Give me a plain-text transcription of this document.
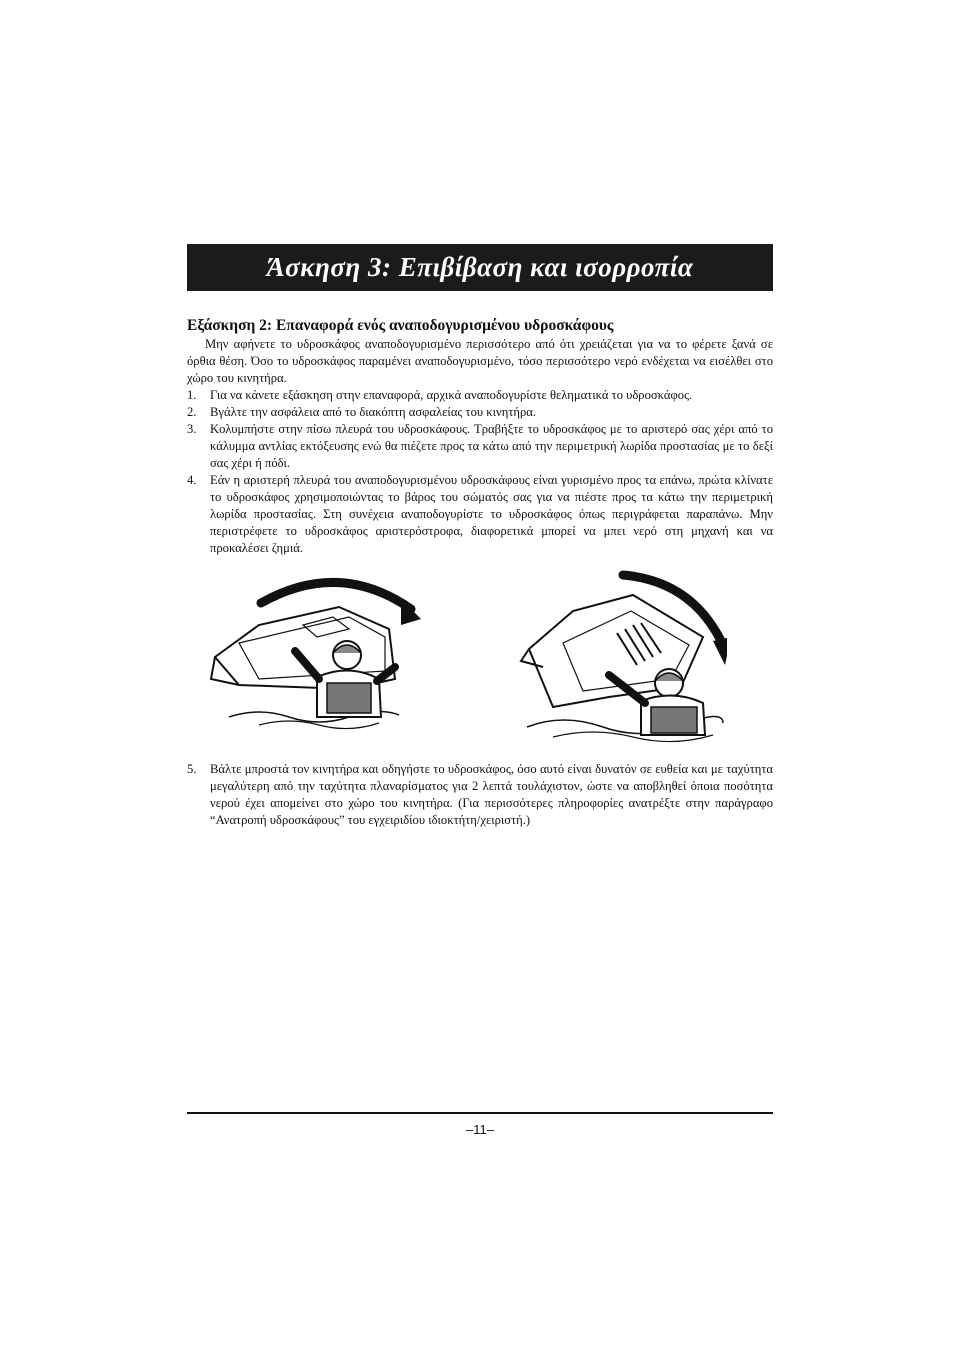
Άσκηση 3: Επιβίβαση και ισορροπία
Εξάσκηση 2: Επαναφορά ενός αναποδογυρισμένου υδροσκάφους

Μην αφήνετε το υδροσκάφος αναποδογυρισμένο περισσότερο από ότι χρειάζεται για να το φέρετε ξανά σε όρθια θέση. Όσο το υδροσκάφος παραμένει αναποδογυρισμένο, τόσο περισσότερο νερό ενδέχεται να εισέλθει στο χώρο του κινητήρα.

1. Για να κάνετε εξάσκηση στην επαναφορά, αρχικά αναποδογυρίστε θεληματικά το υδροσκάφος.
2. Βγάλτε την ασφάλεια από το διακόπτη ασφαλείας του κινητήρα.
3. Κολυμπήστε στην πίσω πλευρά του υδροσκάφους. Τραβήξτε το υδροσκάφος με το αριστερό σας χέρι από το κάλυμμα αντλίας εκτόξευσης ενώ θα πιέζετε προς τα κάτω από την περιμετρική λωρίδα προστασίας με το δεξί σας χέρι ή πόδι.
4. Εάν η αριστερή πλευρά του αναποδογυρισμένου υδροσκάφους είναι γυρισμένο προς τα επάνω, πρώτα κλίνατε το υδροσκάφος χρησιμοποιώντας το βάρος του σώματός σας για να πιέστε προς τα κάτω την περιμετρική λωρίδα προστασίας. Στη συνέχεια αναποδογυρίστε το υδροσκάφος όπως περιγράφεται παραπάνω. Μην περιστρέφετε το υδροσκάφος αριστερόστροφα, διαφορετικά μπορεί να μπει νερό στη μηχανή και να προκαλέσει ζημιά.
5. Βάλτε μπροστά τον κινητήρα και οδηγήστε το υδροσκάφος, όσο αυτό είναι δυνατόν σε ευθεία και με ταχύτητα μεγαλύτερη από την ταχύτητα πλαναρίσματος για 2 λεπτά τουλάχιστον, ώστε να αποβληθεί όποια ποσότητα νερού έχει απομείνει στο χώρο του κινητήρα. (Για περισσότερες πληροφορίες ανατρέξτε στην παράγραφο “Ανατροπή υδροσκάφους” του εγχειριδίου ιδιοκτήτη/χειριστή.)
–11–
